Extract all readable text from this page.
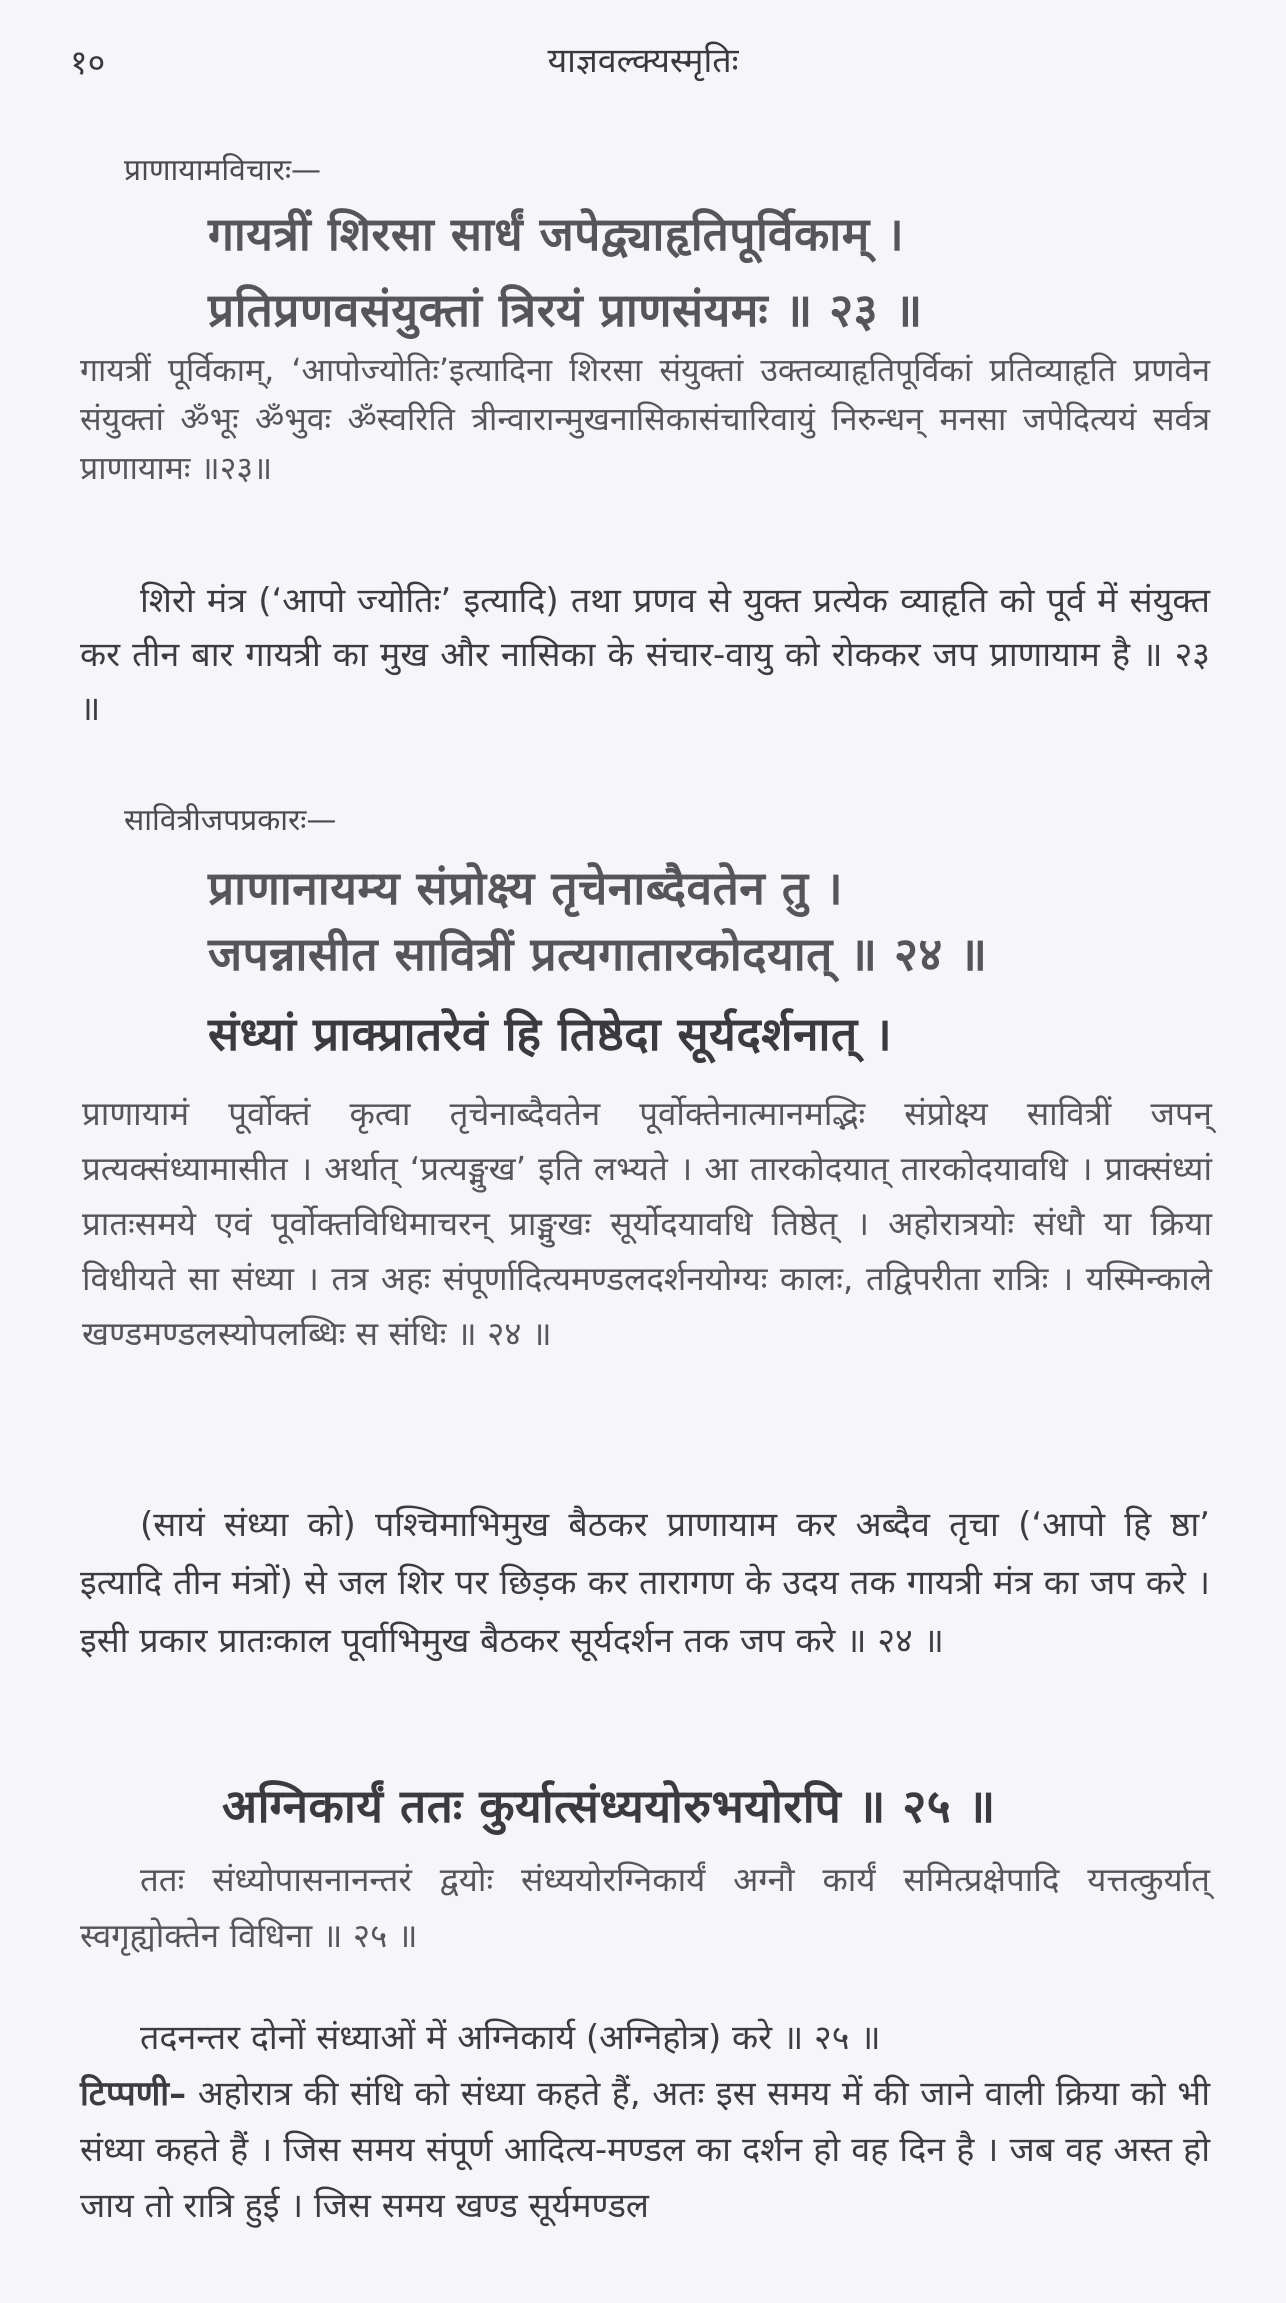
१०	याज्ञवल्क्यस्मृतिः
प्राणायामविचारः—
गायत्रीं शिरसा सार्धं जपेद्व्याहृतिपूर्विकाम् ।
प्रतिप्रणवसंयुक्तां त्रिरयं प्राणसंयमः ॥ २३ ॥
गायत्रीं पूर्विकाम्, ‘आपोज्योतिः’इत्यादिना शिरसा संयुक्तां उक्तव्याहृतिपूर्विकां प्रतिव्याहृति प्रणवेन संयुक्तां ॐभूः ॐभुवः ॐस्वरिति त्रीन्वारान्मुखनासिकासंचारिवायुं निरुन्धन् मनसा जपेदित्ययं सर्वत्र प्राणायामः ॥२३॥
शिरो मंत्र (‘आपो ज्योतिः’ इत्यादि) तथा प्रणव से युक्त प्रत्येक व्याहृति को पूर्व में संयुक्त कर तीन बार गायत्री का मुख और नासिका के संचार-वायु को रोककर जप प्राणायाम है ॥ २३ ॥
सावित्रीजपप्रकारः—
प्राणानायम्य संप्रोक्ष्य तृचेनाब्दैवतेन तु ।
जपन्नासीत सावित्रीं प्रत्यगातारकोदयात् ॥ २४ ॥
संध्यां प्राक्प्रातरेवं हि तिष्ठेदा सूर्यदर्शनात् ।
प्राणायामं पूर्वोक्तं कृत्वा तृचेनाब्दैवतेन पूर्वोक्तेनात्मानमद्भिः संप्रोक्ष्य सावित्रीं जपन् प्रत्यक्संध्यामासीत । अर्थात् ‘प्रत्यङ्मुख’ इति लभ्यते । आ तारकोदयात् तारकोदयावधि । प्राक्संध्यां प्रातःसमये एवं पूर्वोक्तविधिमाचरन् प्राङ्मुखः सूर्योदयावधि तिष्ठेत् । अहोरात्रयोः संधौ या क्रिया विधीयते सा संध्या । तत्र अहः संपूर्णादित्यमण्डलदर्शनयोग्यः कालः, तद्विपरीता रात्रिः । यस्मिन्काले खण्डमण्डलस्योपलब्धिः स संधिः ॥ २४ ॥
(सायं संध्या को) पश्चिमाभिमुख बैठकर प्राणायाम कर अब्दैव तृचा (‘आपो हि ष्ठा’ इत्यादि तीन मंत्रों) से जल शिर पर छिड़क कर तारागण के उदय तक गायत्री मंत्र का जप करे । इसी प्रकार प्रातःकाल पूर्वाभिमुख बैठकर सूर्यदर्शन तक जप करे ॥ २४ ॥
अग्निकार्यं ततः कुर्यात्संध्ययोरुभयोरपि ॥ २५ ॥
ततः संध्योपासनानन्तरं द्वयोः संध्ययोरग्निकार्यं अग्नौ कार्यं समित्प्रक्षेपादि यत्तत्कुर्यात् स्वगृह्योक्तेन विधिना ॥ २५ ॥
तदनन्तर दोनों संध्याओं में अग्निकार्य (अग्निहोत्र) करे ॥ २५ ॥
टिप्पणी– अहोरात्र की संधि को संध्या कहते हैं, अतः इस समय में की जाने वाली क्रिया को भी संध्या कहते हैं । जिस समय संपूर्ण आदित्य-मण्डल का दर्शन हो वह दिन है । जब वह अस्त हो जाय तो रात्रि हुई । जिस समय खण्ड सूर्यमण्डल
